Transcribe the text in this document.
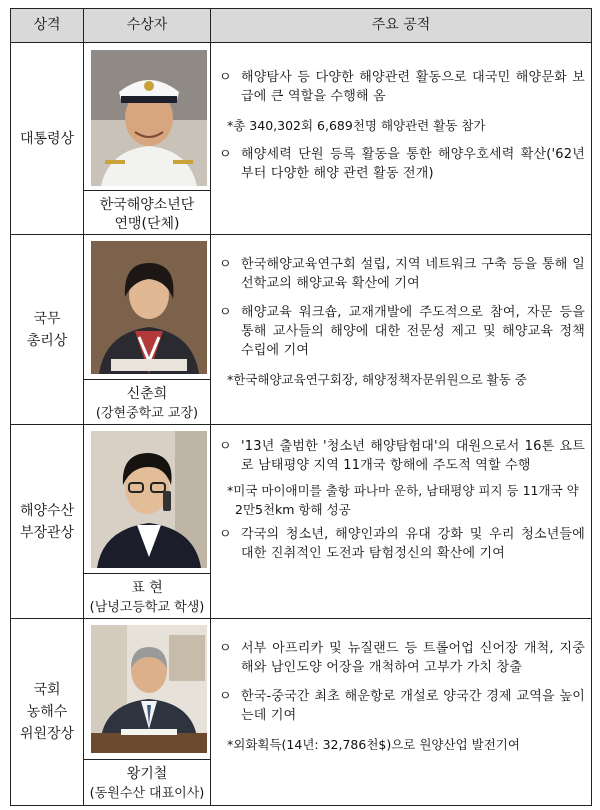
상격	수상자	주요 공적
대통령상
한국해양소년단
연맹(단체)
ㅇ 해양탐사 등 다양한 해양관련 활동으로 대국민 해양문화 보급에 큰 역할을 수행해 옴
*총 340,302회 6,689천명 해양관련 활동 참가
ㅇ 해양세력 단원 등록 활동을 통한 해양우호세력 확산('62년부터 다양한 해양 관련 활동 전개)
국무
총리상
신춘희
(강현중학교 교장)
ㅇ 한국해양교육연구회 설립, 지역 네트워크 구축 등을 통해 일선학교의 해양교육 확산에 기여
ㅇ 해양교육 워크숍, 교재개발에 주도적으로 참여, 자문 등을 통해 교사들의 해양에 대한 전문성 제고 및 해양교육 정책 수립에 기여
*한국해양교육연구회장, 해양정책자문위원으로 활동 중
해양수산
부장관상
표 현
(남녕고등학교 학생)
ㅇ '13년 출범한 '청소년 해양탐험대'의 대원으로서 16톤 요트로 남태평양 지역 11개국 항해에 주도적 역할 수행
*미국 마이애미를 출항 파나마 운하, 남태평양 피지 등 11개국 약 2만5천km 항해 성공
ㅇ 각국의 청소년, 해양인과의 유대 강화 및 우리 청소년들에 대한 진취적인 도전과 탐험정신의 확산에 기여
국회
농해수
위원장상
왕기철
(동원수산 대표이사)
ㅇ 서부 아프리카 및 뉴질랜드 등 트롤어업 신어장 개척, 지중해와 남인도양 어장을 개척하여 고부가 가치 창출
ㅇ 한국-중국간 최초 해운항로 개설로 양국간 경제 교역을 높이는데 기여
*외화획득(14년: 32,786천$)으로 원양산업 발전기여
